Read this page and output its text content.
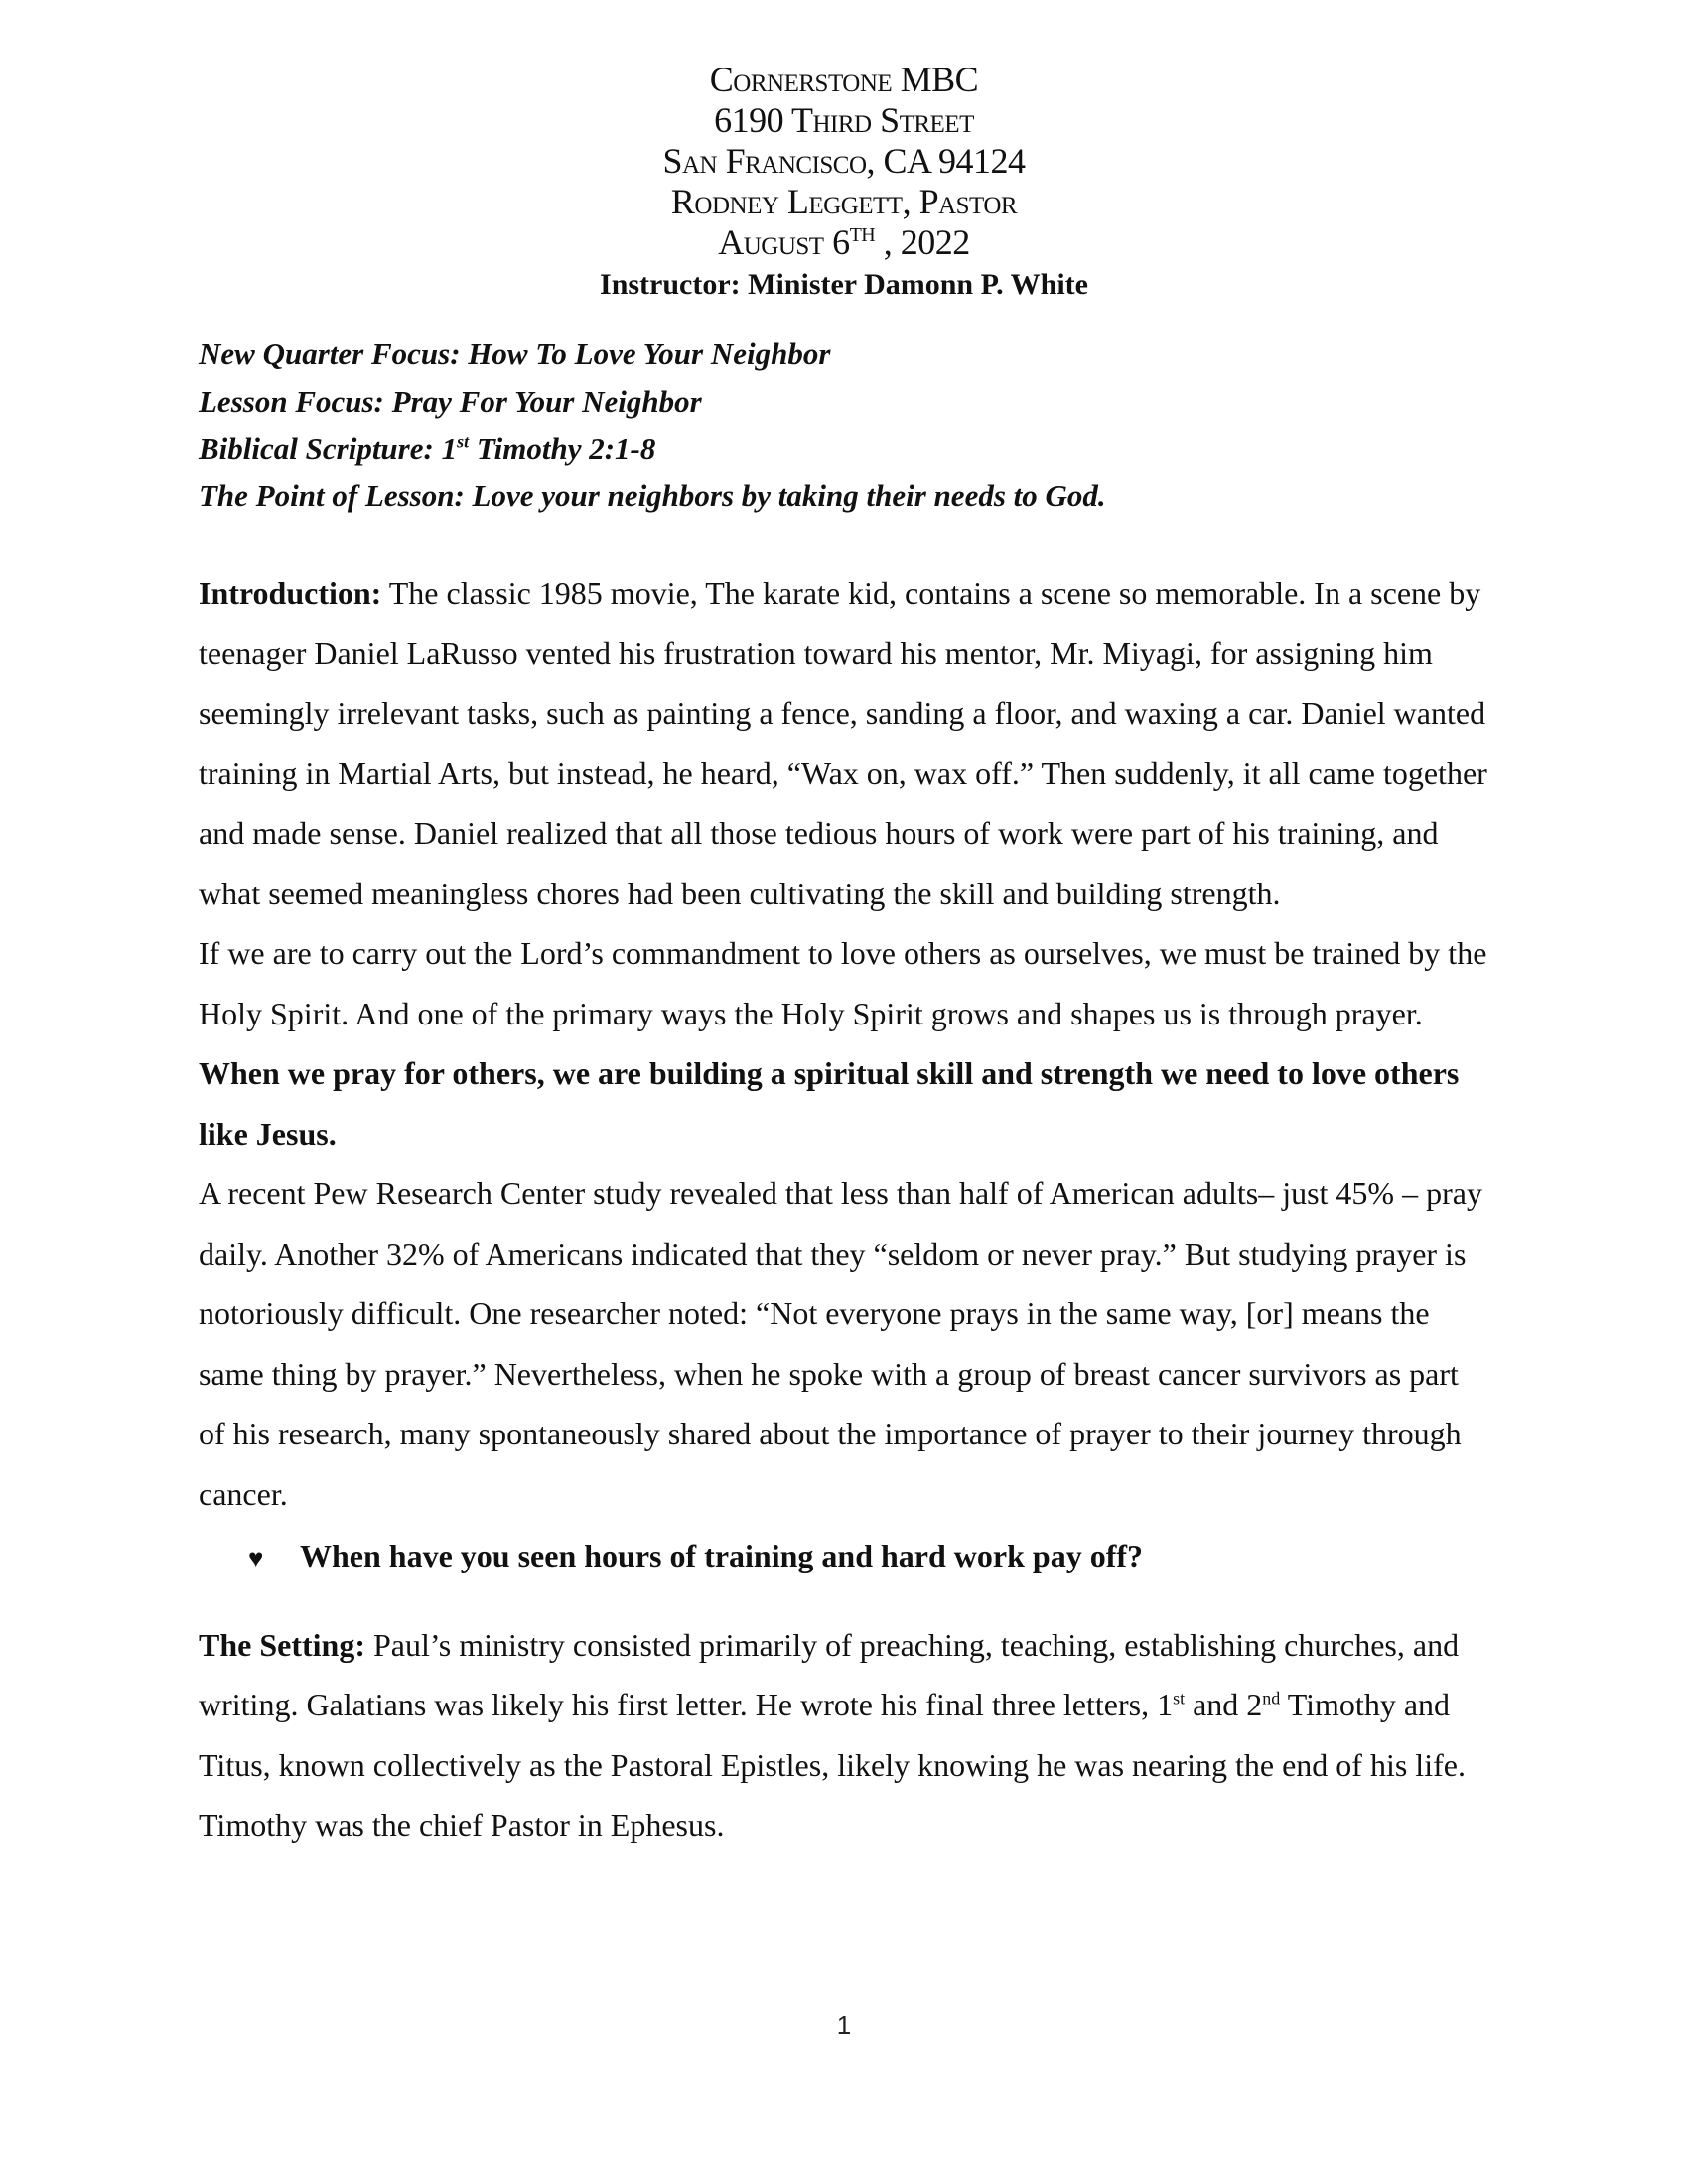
Cornerstone MBC
6190 Third Street
San Francisco, CA 94124
Rodney Leggett, Pastor
August 6TH , 2022
Instructor: Minister Damonn P. White
New Quarter Focus: How To Love Your Neighbor
Lesson Focus: Pray For Your Neighbor
Biblical Scripture: 1st Timothy 2:1-8
The Point of Lesson: Love your neighbors by taking their needs to God.

Introduction: The classic 1985 movie, The karate kid, contains a scene so memorable. In a scene by teenager Daniel LaRusso vented his frustration toward his mentor, Mr. Miyagi, for assigning him seemingly irrelevant tasks, such as painting a fence, sanding a floor, and waxing a car. Daniel wanted training in Martial Arts, but instead, he heard, “Wax on, wax off.” Then suddenly, it all came together and made sense. Daniel realized that all those tedious hours of work were part of his training, and what seemed meaningless chores had been cultivating the skill and building strength.

If we are to carry out the Lord’s commandment to love others as ourselves, we must be trained by the Holy Spirit. And one of the primary ways the Holy Spirit grows and shapes us is through prayer. When we pray for others, we are building a spiritual skill and strength we need to love others like Jesus.

A recent Pew Research Center study revealed that less than half of American adults– just 45% – pray daily. Another 32% of Americans indicated that they “seldom or never pray.” But studying prayer is notoriously difficult. One researcher noted: “Not everyone prays in the same way, [or] means the same thing by prayer.” Nevertheless, when he spoke with a group of breast cancer survivors as part of his research, many spontaneously shared about the importance of prayer to their journey through cancer.

♥	When have you seen hours of training and hard work pay off?

The Setting: Paul’s ministry consisted primarily of preaching, teaching, establishing churches, and writing. Galatians was likely his first letter. He wrote his final three letters, 1st and 2nd Timothy and Titus, known collectively as the Pastoral Epistles, likely knowing he was nearing the end of his life. Timothy was the chief Pastor in Ephesus.

1
